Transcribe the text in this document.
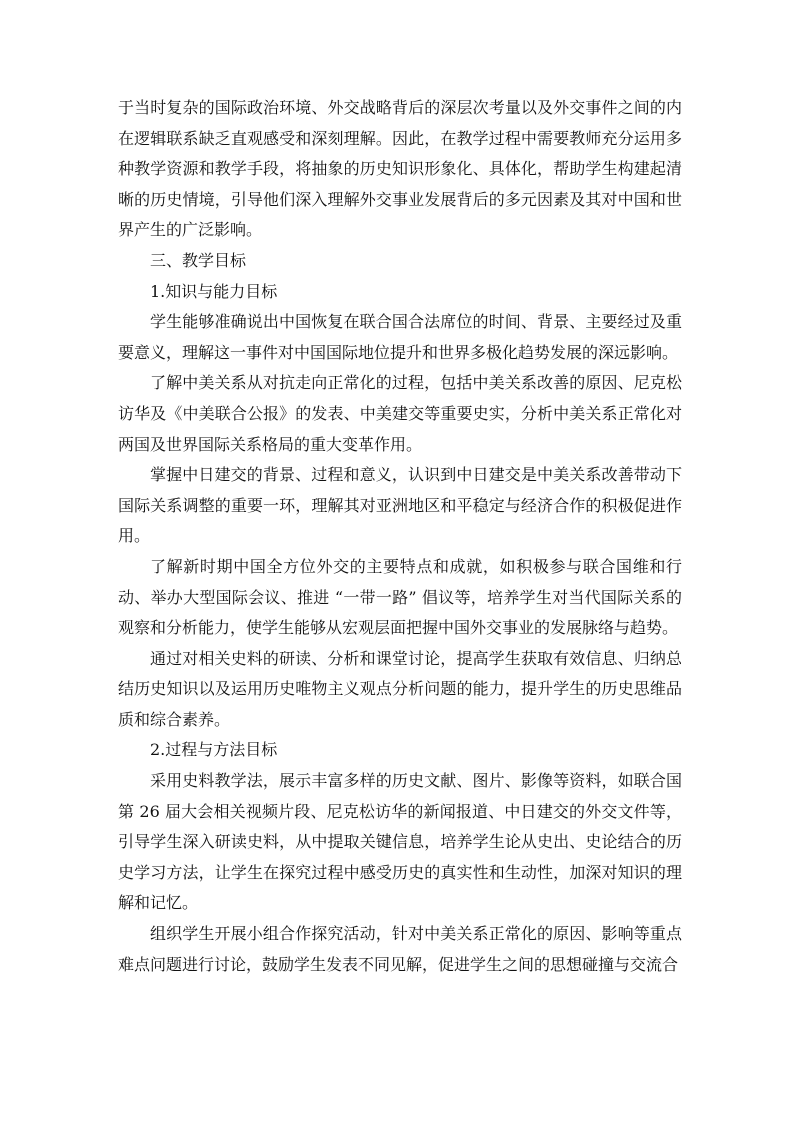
于当时复杂的国际政治环境、外交战略背后的深层次考量以及外交事件之间的内在逻辑联系缺乏直观感受和深刻理解。因此，在教学过程中需要教师充分运用多种教学资源和教学手段，将抽象的历史知识形象化、具体化，帮助学生构建起清晰的历史情境，引导他们深入理解外交事业发展背后的多元因素及其对中国和世界产生的广泛影响。

三、教学目标

1.知识与能力目标

学生能够准确说出中国恢复在联合国合法席位的时间、背景、主要经过及重要意义，理解这一事件对中国国际地位提升和世界多极化趋势发展的深远影响。

了解中美关系从对抗走向正常化的过程，包括中美关系改善的原因、尼克松访华及《中美联合公报》的发表、中美建交等重要史实，分析中美关系正常化对两国及世界国际关系格局的重大变革作用。

掌握中日建交的背景、过程和意义，认识到中日建交是中美关系改善带动下国际关系调整的重要一环，理解其对亚洲地区和平稳定与经济合作的积极促进作用。

了解新时期中国全方位外交的主要特点和成就，如积极参与联合国维和行动、举办大型国际会议、推进 “一带一路” 倡议等，培养学生对当代国际关系的观察和分析能力，使学生能够从宏观层面把握中国外交事业的发展脉络与趋势。

通过对相关史料的研读、分析和课堂讨论，提高学生获取有效信息、归纳总结历史知识以及运用历史唯物主义观点分析问题的能力，提升学生的历史思维品质和综合素养。

2.过程与方法目标

采用史料教学法，展示丰富多样的历史文献、图片、影像等资料，如联合国第 26 届大会相关视频片段、尼克松访华的新闻报道、中日建交的外交文件等，引导学生深入研读史料，从中提取关键信息，培养学生论从史出、史论结合的历史学习方法，让学生在探究过程中感受历史的真实性和生动性，加深对知识的理解和记忆。

组织学生开展小组合作探究活动，针对中美关系正常化的原因、影响等重点难点问题进行讨论，鼓励学生发表不同见解，促进学生之间的思想碰撞与交流合
